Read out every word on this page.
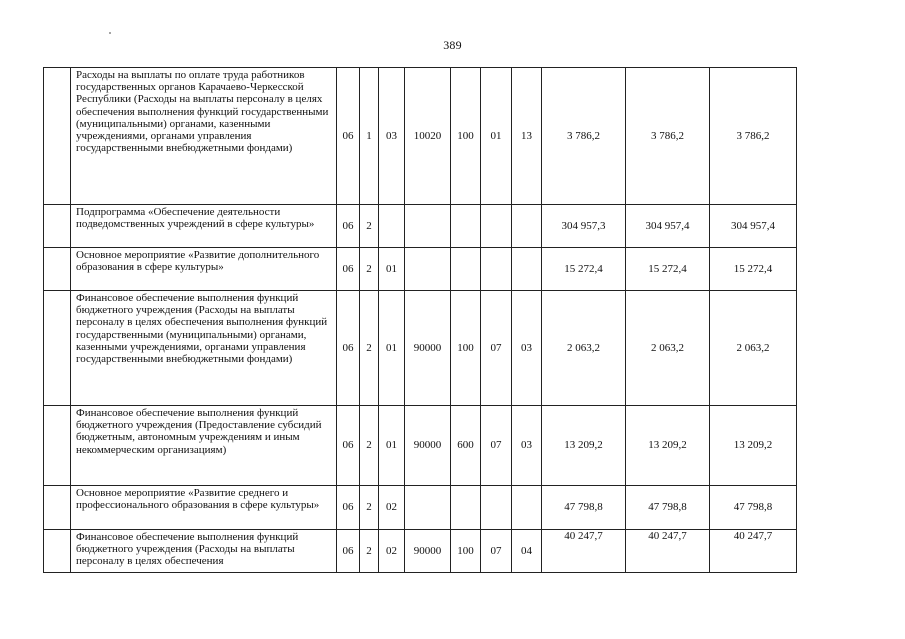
389
	Расходы на выплаты по оплате труда работников государственных органов Карачаево-Черкесской Республики (Расходы на выплаты персоналу в целях обеспечения выполнения функций государственными (муниципальными) органами, казенными учреждениями, органами управления государственными внебюджетными фондами)	06	1	03	10020	100	01	13	3 786,2	3 786,2	3 786,2
	Подпрограмма «Обеспечение деятельности подведомственных учреждений в сфере культуры»	06	2						304 957,3	304 957,4	304 957,4
	Основное мероприятие «Развитие дополнительного образования в сфере культуры»	06	2	01					15 272,4	15 272,4	15 272,4
	Финансовое обеспечение выполнения функций бюджетного учреждения (Расходы на выплаты персоналу в целях обеспечения выполнения функций государственными (муниципальными) органами, казенными учреждениями, органами управления государственными внебюджетными фондами)	06	2	01	90000	100	07	03	2 063,2	2 063,2	2 063,2
	Финансовое обеспечение выполнения функций бюджетного учреждения (Предоставление субсидий бюджетным, автономным учреждениям и иным некоммерческим организациям)	06	2	01	90000	600	07	03	13 209,2	13 209,2	13 209,2
	Основное мероприятие «Развитие среднего и профессионального образования в сфере культуры»	06	2	02					47 798,8	47 798,8	47 798,8
	Финансовое обеспечение выполнения функций бюджетного учреждения (Расходы на выплаты персоналу в целях обеспечения	06	2	02	90000	100	07	04	40 247,7	40 247,7	40 247,7
